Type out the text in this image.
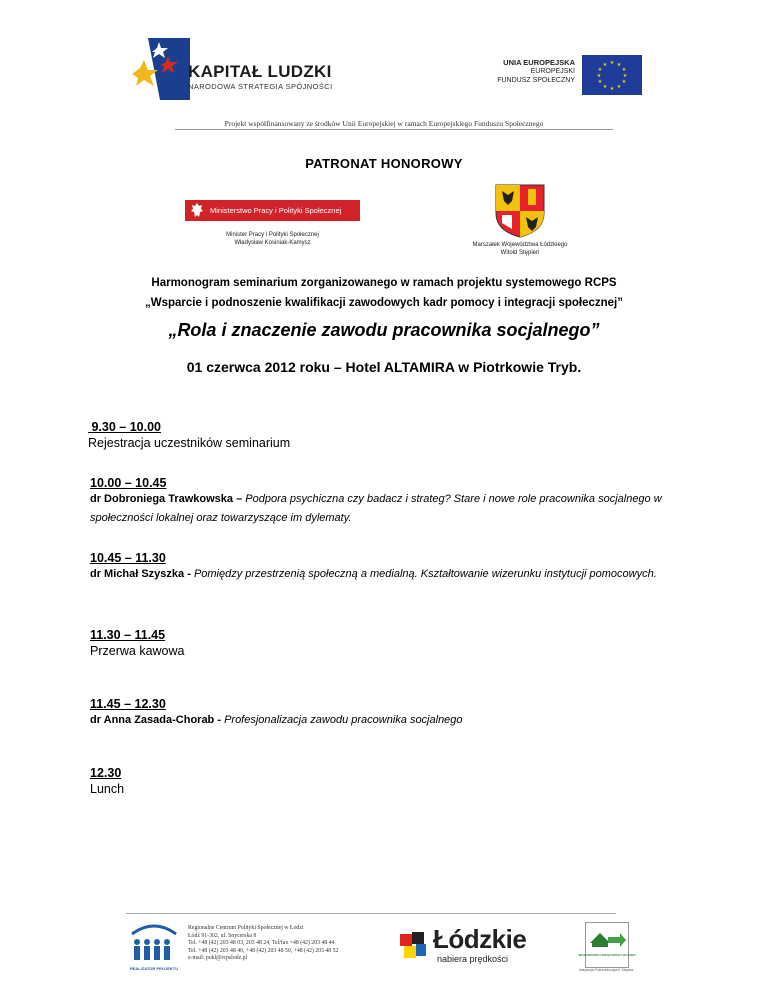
KAPITAŁ LUDZKI
NARODOWA STRATEGIA SPÓJNOŚCI
UNIA EUROPEJSKA
EUROPEJSKI
FUNDUSZ SPOŁECZNY
★ ★
★
★
★
★
★
★
★
★
★
★
Projekt współfinansowany ze środków Unii Europejskiej w ramach Europejskiego Funduszu Społecznego
PATRONAT HONOROWY
Ministerstwo Pracy i Polityki Społecznej
Minister Pracy i Polityki Społecznej
Władysław Kosiniak-Kamysz	Marszałek Województwa Łódzkiego
Witold Stępień
Harmonogram seminarium zorganizowanego w ramach projektu systemowego RCPS
„Wsparcie i podnoszenie kwalifikacji zawodowych kadr pomocy i integracji społecznej”
„Rola i znaczenie zawodu pracownika socjalnego”
01 czerwca 2012 roku – Hotel ALTAMIRA w Piotrkowie Tryb.
9.30 – 10.00
Rejestracja uczestników seminarium
10.00 – 10.45
dr Dobroniega Trawkowska – Podpora psychiczna czy badacz i strateg? Stare i nowe role pracownika socjalnego w społeczności lokalnej oraz towarzyszące im dylematy.
10.45 – 11.30
dr Michał Szyszka - Pomiędzy przestrzenią społeczną a medialną. Kształtowanie wizerunku instytucji pomocowych.
11.30 – 11.45
Przerwa kawowa
11.45 – 12.30
dr Anna Zasada-Chorab - Profesjonalizacja zawodu pracownika socjalnego
12.30
Lunch
REALIZATOR PROJEKTU
Regionalne Centrum Polityki Społecznej w Łodzi
Łódź 91-302, ul. Snycerska 8
Tel. +48 (42) 203 48 03, 203 48 24, Tel/fax +48 (42) 203 48 44
Tel. +48 (42) 203 48 40, +48 (42) 203 48 50, +48 (42) 203 48 52
e-mail: pokl@rcpslodz.pl
Łódzkie
nabiera prędkości	WOJEWÓDZKI URZĄD PRACY W ŁODZI
Instytucja Pośrednicząca II Stopnia
